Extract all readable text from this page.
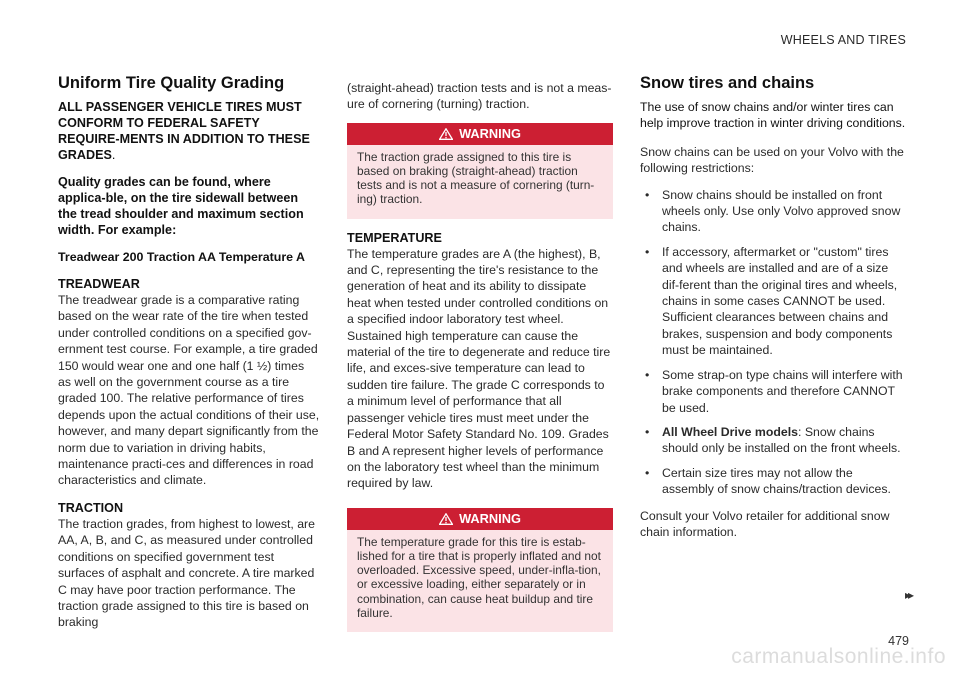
WHEELS AND TIRES
Uniform Tire Quality Grading

ALL PASSENGER VEHICLE TIRES MUST CONFORM TO FEDERAL SAFETY REQUIRE-MENTS IN ADDITION TO THESE GRADES.

Quality grades can be found, where applica-ble, on the tire sidewall between the tread shoulder and maximum section width. For example:

Treadwear 200 Traction AA Temperature A

TREADWEAR

The treadwear grade is a comparative rating based on the wear rate of the tire when tested under controlled conditions on a specified gov-ernment test course. For example, a tire graded 150 would wear one and one half (1 ½) times as well on the government course as a tire graded 100. The relative performance of tires depends upon the actual conditions of their use, however, and many depart significantly from the norm due to variation in driving habits, maintenance practi-ces and differences in road characteristics and climate.

TRACTION

The traction grades, from highest to lowest, are AA, A, B, and C, as measured under controlled conditions on specified government test surfaces of asphalt and concrete. A tire marked C may have poor traction performance. The traction grade assigned to this tire is based on braking

(straight-ahead) traction tests and is not a meas-ure of cornering (turning) traction.

WARNING
The traction grade assigned to this tire is based on braking (straight-ahead) traction tests and is not a measure of cornering (turn-ing) traction.
TEMPERATURE

The temperature grades are A (the highest), B, and C, representing the tire's resistance to the generation of heat and its ability to dissipate heat when tested under controlled conditions on a specified indoor laboratory test wheel. Sustained high temperature can cause the material of the tire to degenerate and reduce tire life, and exces-sive temperature can lead to sudden tire failure. The grade C corresponds to a minimum level of performance that all passenger vehicle tires must meet under the Federal Motor Safety Standard No. 109. Grades B and A represent higher levels of performance on the laboratory test wheel than the minimum required by law.

WARNING
The temperature grade for this tire is estab-lished for a tire that is properly inflated and not overloaded. Excessive speed, under-infla-tion, or excessive loading, either separately or in combination, can cause heat buildup and tire failure.
Snow tires and chains

The use of snow chains and/or winter tires can help improve traction in winter driving conditions.

Snow chains can be used on your Volvo with the following restrictions:

• Snow chains should be installed on front wheels only. Use only Volvo approved snow chains.
• If accessory, aftermarket or "custom" tires and wheels are installed and are of a size dif-ferent than the original tires and wheels, chains in some cases CANNOT be used. Sufficient clearances between chains and brakes, suspension and body components must be maintained.
• Some strap-on type chains will interfere with brake components and therefore CANNOT be used.
• All Wheel Drive models: Snow chains should only be installed on the front wheels.
• Certain size tires may not allow the assembly of snow chains/traction devices.

Consult your Volvo retailer for additional snow chain information.

▸▸
479
carmanualsonline.info
